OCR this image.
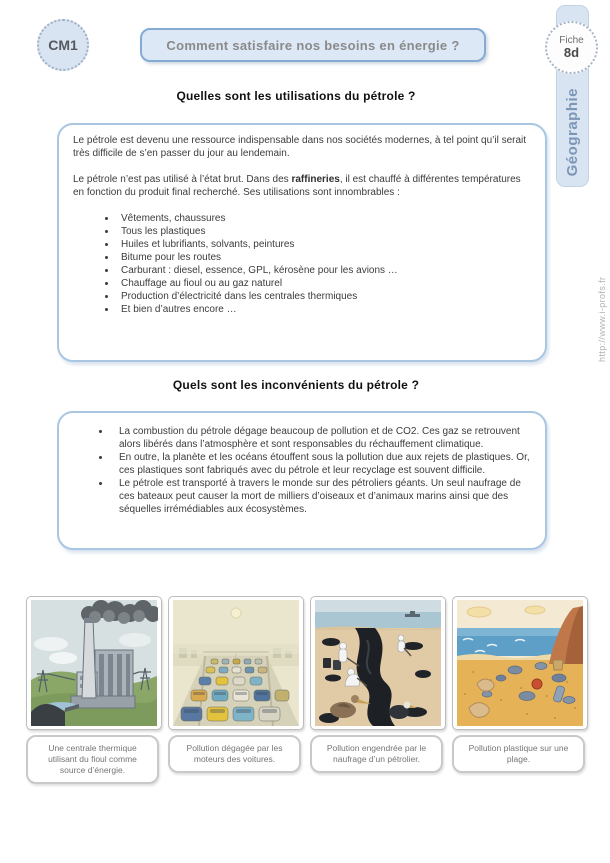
CM1	Comment satisfaire nos besoins en énergie ?	Fiche
8d
Géographie
http://www.i-profs.fr
Quelles sont les utilisations du pétrole ?

Le pétrole est devenu une ressource indispensable dans nos sociétés modernes, à tel point qu’il serait très difficile de s’en passer du jour au lendemain.

Le pétrole n’est pas utilisé à l’état brut. Dans des raffineries, il est chauffé à différentes températures en fonction du produit final recherché. Ses utilisations sont innombrables :

• Vêtements, chaussures
• Tous les plastiques
• Huiles et lubrifiants, solvants, peintures
• Bitume pour les routes
• Carburant : diesel, essence, GPL, kérosène pour les avions …
• Chauffage au fioul ou au gaz naturel
• Production d’électricité dans les centrales thermiques
• Et bien d’autres encore …
Quels sont les inconvénients du pétrole ?
• La combustion du pétrole dégage beaucoup de pollution et de CO2. Ces gaz se retrouvent alors libérés dans l’atmosphère et sont responsables du réchauffement climatique.
• En outre, la planète et les océans étouffent sous la pollution due aux rejets de plastiques. Or, ces plastiques sont fabriqués avec du pétrole et leur recyclage est souvent difficile.
• Le pétrole est transporté à travers le monde sur des pétroliers géants. Un seul naufrage de ces bateaux peut causer la mort de milliers d’oiseaux et d’animaux marins ainsi que des séquelles irrémédiables aux écosystèmes.
Une centrale thermique utilisant du fioul comme source d’énergie.
Pollution dégagée par les moteurs des voitures.
Pollution engendrée par le naufrage d’un pétrolier.
Pollution plastique sur une plage.
